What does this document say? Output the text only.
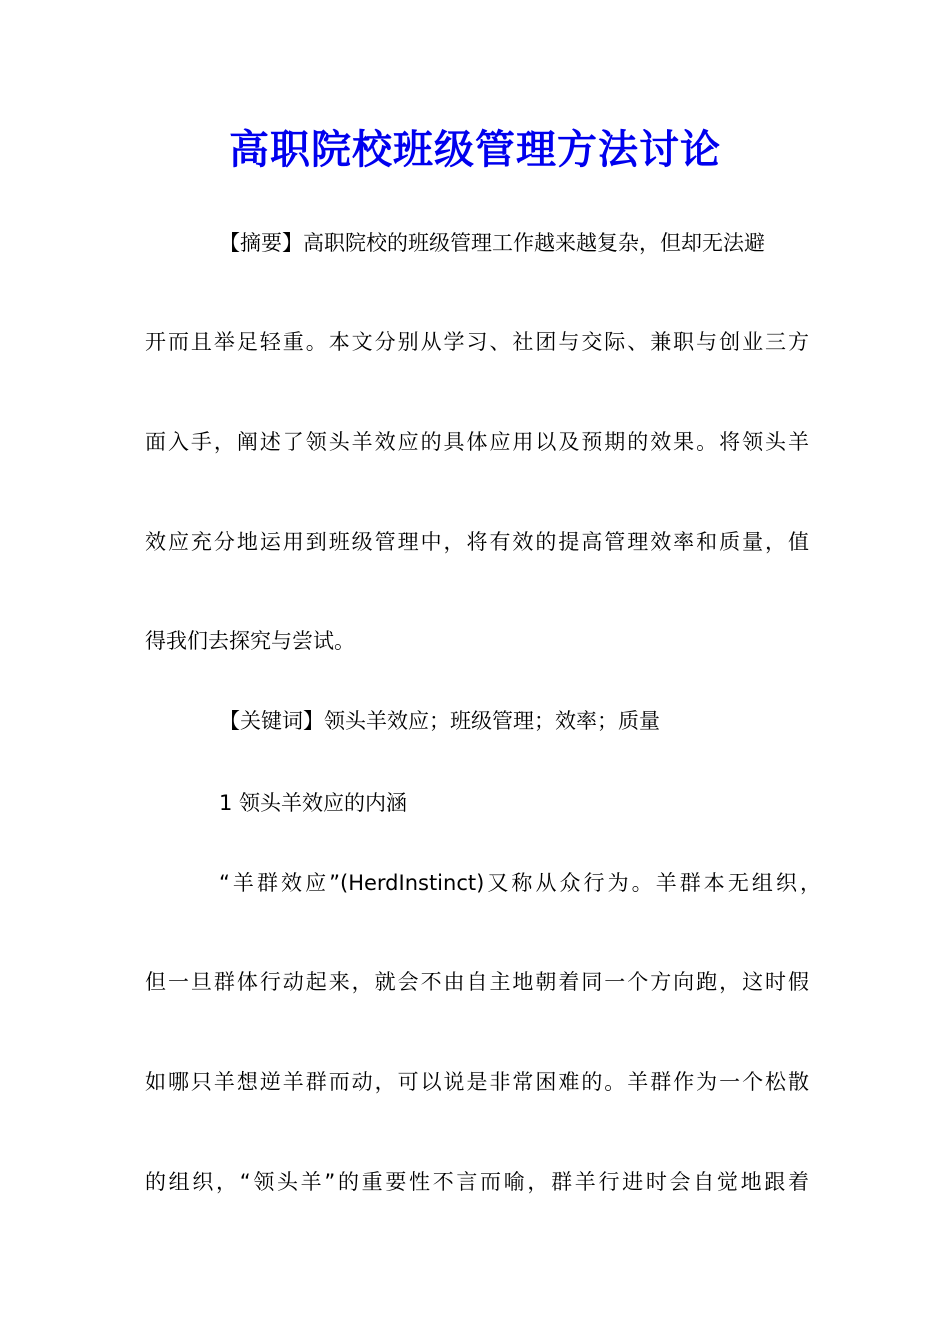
高职院校班级管理方法讨论

【摘要】高职院校的班级管理工作越来越复杂，但却无法避

开而且举足轻重。本文分别从学习、社团与交际、兼职与创业三方

面入手，阐述了领头羊效应的具体应用以及预期的效果。将领头羊

效应充分地运用到班级管理中，将有效的提高管理效率和质量，值

得我们去探究与尝试。

【关键词】领头羊效应；班级管理；效率；质量

1 领头羊效应的内涵

“羊群效应”(HerdInstinct)又称从众行为。羊群本无组织，

但一旦群体行动起来，就会不由自主地朝着同一个方向跑，这时假

如哪只羊想逆羊群而动，可以说是非常困难的。羊群作为一个松散

的组织，“领头羊”的重要性不言而喻，群羊行进时会自觉地跟着
